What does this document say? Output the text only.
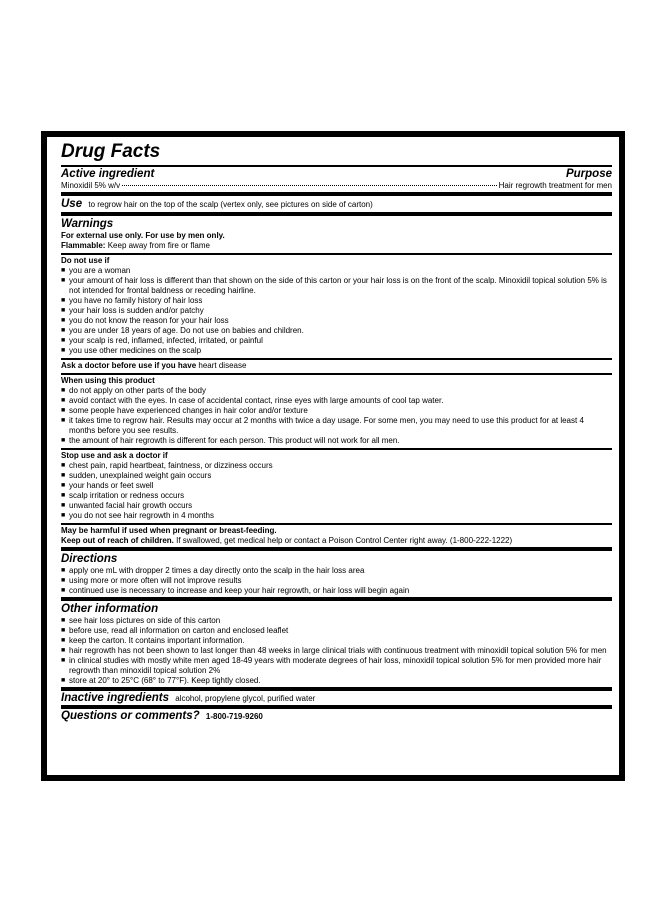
Drug Facts
Active ingredient	Purpose
Minoxidil 5% w/v	Hair regrowth treatment for men
Use to regrow hair on the top of the scalp (vertex only, see pictures on side of carton)
Warnings
For external use only. For use by men only.
Flammable: Keep away from fire or flame
Do not use if
■ you are a woman
■ your amount of hair loss is different than that shown on the side of this carton or your hair loss is on the front of the scalp. Minoxidil topical solution 5% is not intended for frontal baldness or receding hairline.
■ you have no family history of hair loss
■ your hair loss is sudden and/or patchy
■ you do not know the reason for your hair loss
■ you are under 18 years of age. Do not use on babies and children.
■ your scalp is red, inflamed, infected, irritated, or painful
■ you use other medicines on the scalp
Ask a doctor before use if you have heart disease
When using this product
■ do not apply on other parts of the body
■ avoid contact with the eyes. In case of accidental contact, rinse eyes with large amounts of cool tap water.
■ some people have experienced changes in hair color and/or texture
■ it takes time to regrow hair. Results may occur at 2 months with twice a day usage. For some men, you may need to use this product for at least 4 months before you see results.
■ the amount of hair regrowth is different for each person. This product will not work for all men.
Stop use and ask a doctor if
■ chest pain, rapid heartbeat, faintness, or dizziness occurs
■ sudden, unexplained weight gain occurs
■ your hands or feet swell
■ scalp irritation or redness occurs
■ unwanted facial hair growth occurs
■ you do not see hair regrowth in 4 months
May be harmful if used when pregnant or breast-feeding.
Keep out of reach of children. If swallowed, get medical help or contact a Poison Control Center right away. (1-800-222-1222)
Directions
■ apply one mL with dropper 2 times a day directly onto the scalp in the hair loss area
■ using more or more often will not improve results
■ continued use is necessary to increase and keep your hair regrowth, or hair loss will begin again
Other information
■ see hair loss pictures on side of this carton
■ before use, read all information on carton and enclosed leaflet
■ keep the carton. It contains important information.
■ hair regrowth has not been shown to last longer than 48 weeks in large clinical trials with continuous treatment with minoxidil topical solution 5% for men
■ in clinical studies with mostly white men aged 18-49 years with moderate degrees of hair loss, minoxidil topical solution 5% for men provided more hair regrowth than minoxidil topical solution 2%
■ store at 20° to 25°C (68° to 77°F). Keep tightly closed.
Inactive ingredients alcohol, propylene glycol, purified water
Questions or comments? 1-800-719-9260
